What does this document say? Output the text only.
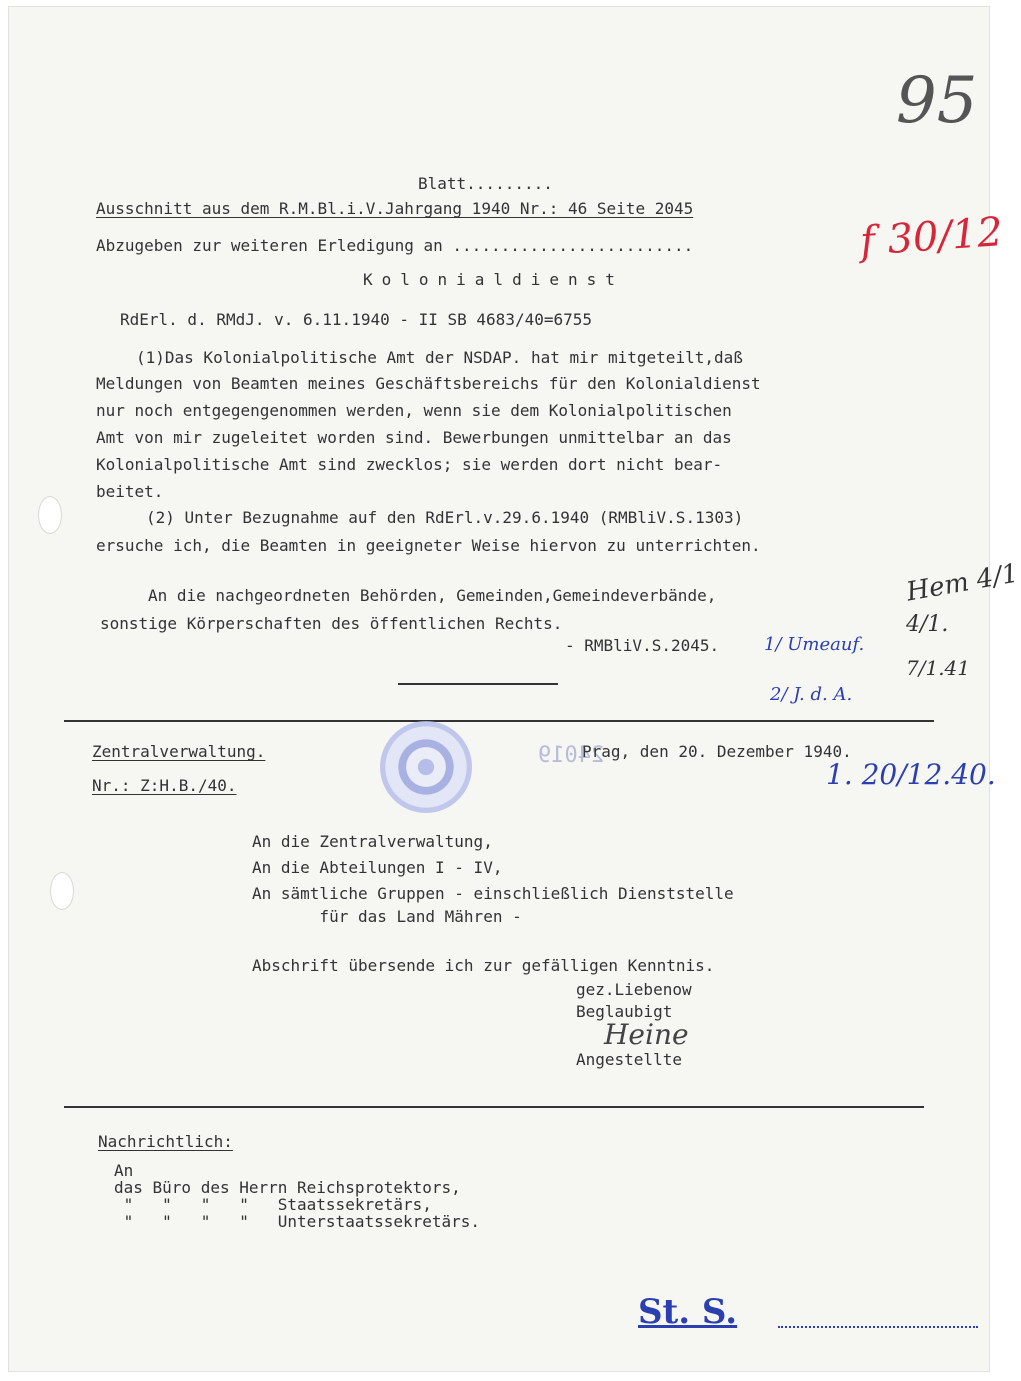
95
f 30/12
Blatt.........
Ausschnitt aus dem R.M.Bl.i.V.Jahrgang 1940 Nr.: 46 Seite 2045
Abzugeben zur weiteren Erledigung an .........................
Kolonialdienst
RdErl. d. RMdJ. v. 6.11.1940 - II SB 4683/40=6755
(1)Das Kolonialpolitische Amt der NSDAP. hat mir mitgeteilt,daß
Meldungen von Beamten meines Geschäftsbereichs für den Kolonialdienst
nur noch entgegengenommen werden, wenn sie dem Kolonialpolitischen
Amt von mir zugeleitet worden sind. Bewerbungen unmittelbar an das
Kolonialpolitische Amt sind zwecklos; sie werden dort nicht bear-
beitet.
(2) Unter Bezugnahme auf den RdErl.v.29.6.1940 (RMBliV.S.1303)
ersuche ich, die Beamten in geeigneter Weise hiervon zu unterrichten.
An die nachgeordneten Behörden, Gemeinden,Gemeindeverbände,
sonstige Körperschaften des öffentlichen Rechts.
- RMBliV.S.2045.
Hem 4/1
4/1.
7/1.41
1/ Umeauf.
2/ J. d. A.
Zentralverwaltung.
Nr.: Z:H.B./40.
24019
Prag, den 20. Dezember 1940.
1. 20/12.40.
An die Zentralverwaltung,
An die Abteilungen I - IV,
An sämtliche Gruppen - einschließlich Dienststelle
für das Land Mähren -
Abschrift übersende ich zur gefälligen Kenntnis.
gez.Liebenow
Beglaubigt
Heine
Angestellte
Nachrichtlich:
An
das Büro des Herrn Reichsprotektors,
"   "   "   "   Staatssekretärs,
"   "   "   "   Unterstaatssekretärs.
St. S.
